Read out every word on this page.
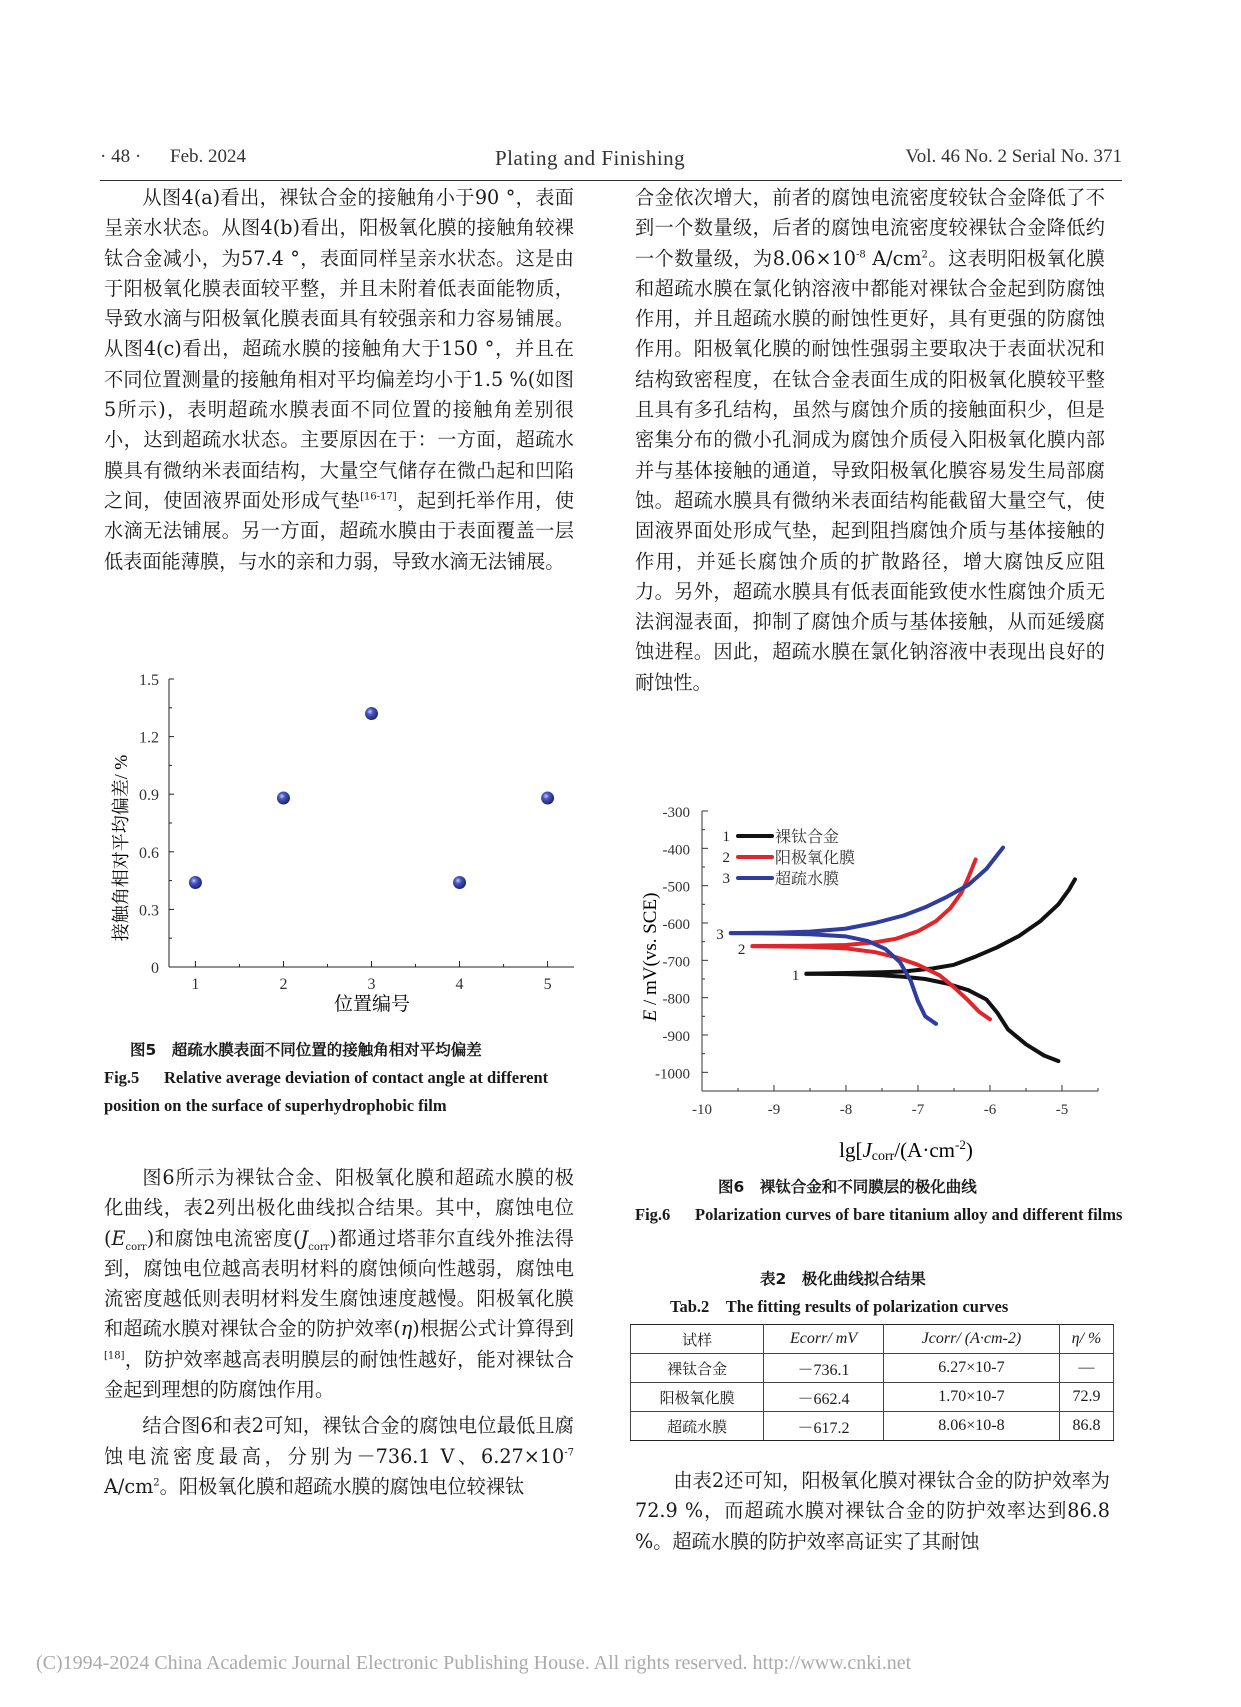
· 48 · Feb. 2024	Plating and Finishing	Vol. 46 No. 2 Serial No. 371

从图4(a)看出，裸钛合金的接触角小于90 °，表面呈亲水状态。从图4(b)看出，阳极氧化膜的接触角较裸钛合金减小，为57.4 °，表面同样呈亲水状态。这是由于阳极氧化膜表面较平整，并且未附着低表面能物质，导致水滴与阳极氧化膜表面具有较强亲和力容易铺展。从图4(c)看出，超疏水膜的接触角大于150 °，并且在不同位置测量的接触角相对平均偏差均小于1.5 %(如图5所示)，表明超疏水膜表面不同位置的接触角差别很小，达到超疏水状态。主要原因在于：一方面，超疏水膜具有微纳米表面结构，大量空气储存在微凸起和凹陷之间，使固液界面处形成气垫[16-17]，起到托举作用，使水滴无法铺展。另一方面，超疏水膜由于表面覆盖一层低表面能薄膜，与水的亲和力弱，导致水滴无法铺展。

0
0.3
0.6
0.9
1.2
1.5
1	2	3	4	5
位置编号
接触角相对平均偏差/ %
图5　超疏水膜表面不同位置的接触角相对平均偏差
Fig.5 Relative average deviation of contact angle at different position on the surface of superhydrophobic film

图6所示为裸钛合金、阳极氧化膜和超疏水膜的极化曲线，表2列出极化曲线拟合结果。其中，腐蚀电位$(E_{corr})$和腐蚀电流密度$(J_{corr})$都通过塔菲尔直线外推法得到，腐蚀电位越高表明材料的腐蚀倾向性越弱，腐蚀电流密度越低则表明材料发生腐蚀速度越慢。阳极氧化膜和超疏水膜对裸钛合金的防护效率(η)根据公式计算得到[18]，防护效率越高表明膜层的耐蚀性越好，能对裸钛合金起到理想的防腐蚀作用。

结合图6和表2可知，裸钛合金的腐蚀电位最低且腐蚀电流密度最高，分别为－736.1 V、$6.27\times 10^{-7}$ $A/cm^2$。阳极氧化膜和超疏水膜的腐蚀电位较裸钛

合金依次增大，前者的腐蚀电流密度较钛合金降低了不到一个数量级，后者的腐蚀电流密度较裸钛合金降低约一个数量级，为$8.06\times 10^{-8}$ $A/cm^2$。这表明阳极氧化膜和超疏水膜在氯化钠溶液中都能对裸钛合金起到防腐蚀作用，并且超疏水膜的耐蚀性更好，具有更强的防腐蚀作用。阳极氧化膜的耐蚀性强弱主要取决于表面状况和结构致密程度，在钛合金表面生成的阳极氧化膜较平整且具有多孔结构，虽然与腐蚀介质的接触面积少，但是密集分布的微小孔洞成为腐蚀介质侵入阳极氧化膜内部并与基体接触的通道，导致阳极氧化膜容易发生局部腐蚀。超疏水膜具有微纳米表面结构能截留大量空气，使固液界面处形成气垫，起到阻挡腐蚀介质与基体接触的作用，并延长腐蚀介质的扩散路径，增大腐蚀反应阻力。另外，超疏水膜具有低表面能致使水性腐蚀介质无法润湿表面，抑制了腐蚀介质与基体接触，从而延缓腐蚀进程。因此，超疏水膜在氯化钠溶液中表现出良好的耐蚀性。

-300
-400
-500
-600
-700
-800
-900
-1000
-10	-9	-8	-7	-6	-5
1
2
3
1	裸钛合金
2	阳极氧化膜
3	超疏水膜
$\lg[Jcorr/(A\cdot cm^{-2})$
E / mV(vs. SCE)
图6　裸钛合金和不同膜层的极化曲线
Fig.6 Polarization curves of bare titanium alloy and different films
表2　极化曲线拟合结果
Tab.2　The fitting results of polarization curves
试样	Ecorr/ mV	Jcorr/ (A·cm-2)	η/ %
裸钛合金	－736.1	6.27×10-7	—
阳极氧化膜	－662.4	1.70×10-7	72.9
超疏水膜	－617.2	8.06×10-8	86.8

由表2还可知，阳极氧化膜对裸钛合金的防护效率为72.9 %，而超疏水膜对裸钛合金的防护效率达到86.8 %。超疏水膜的防护效率高证实了其耐蚀

(C)1994-2024 China Academic Journal Electronic Publishing House. All rights reserved. http://www.cnki.net
